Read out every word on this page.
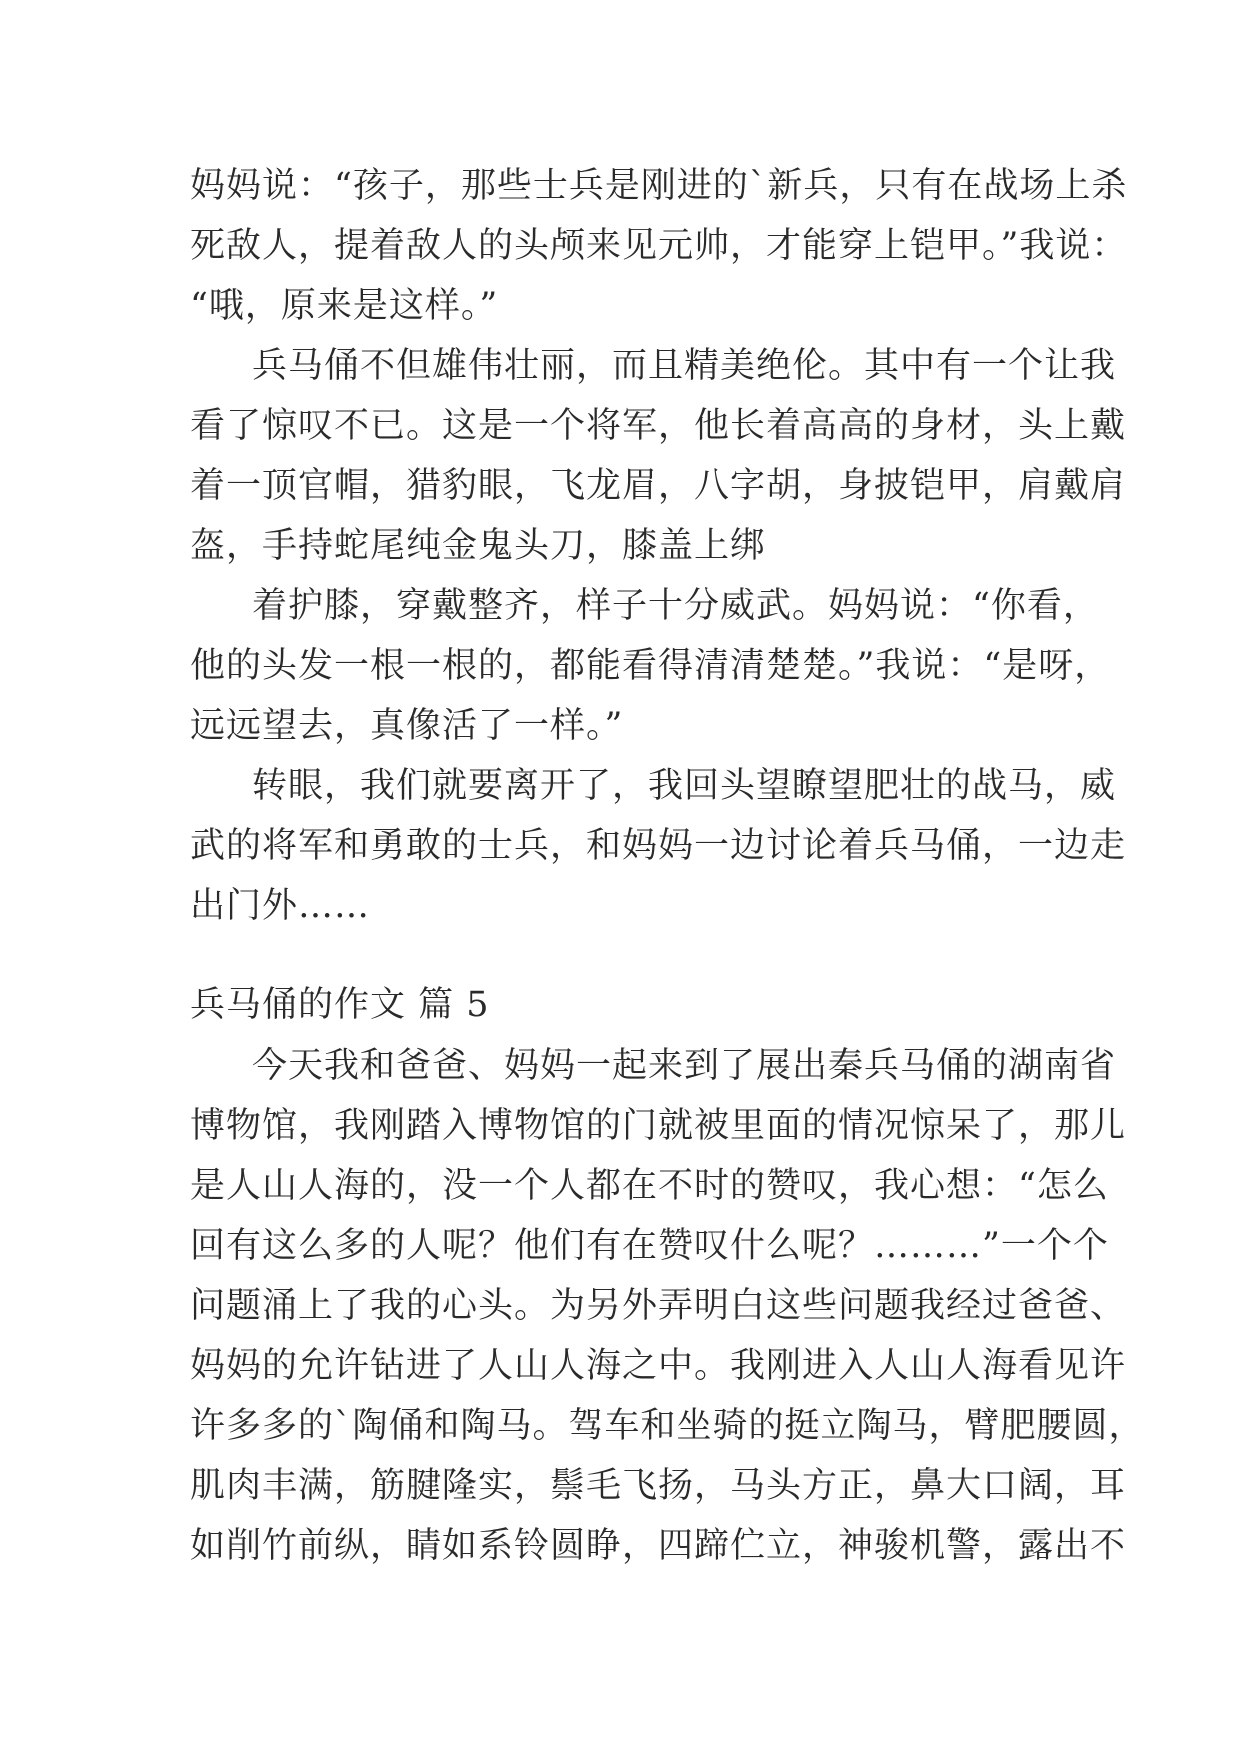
妈妈说：“孩子，那些士兵是刚进的`新兵，只有在战场上杀
死敌人，提着敌人的头颅来见元帅，才能穿上铠甲。”我说：
“哦，原来是这样。”
兵马俑不但雄伟壮丽，而且精美绝伦。其中有一个让我
看了惊叹不已。这是一个将军，他长着高高的身材，头上戴
着一顶官帽，猎豹眼，飞龙眉，八字胡，身披铠甲，肩戴肩
盔，手持蛇尾纯金鬼头刀，膝盖上绑
着护膝，穿戴整齐，样子十分威武。妈妈说：“你看，
他的头发一根一根的，都能看得清清楚楚。”我说：“是呀，
远远望去，真像活了一样。”
转眼，我们就要离开了，我回头望瞭望肥壮的战马，威
武的将军和勇敢的士兵，和妈妈一边讨论着兵马俑，一边走
出门外……
兵马俑的作文 篇 5
今天我和爸爸、妈妈一起来到了展出秦兵马俑的湖南省
博物馆，我刚踏入博物馆的门就被里面的情况惊呆了，那儿
是人山人海的，没一个人都在不时的赞叹，我心想：“怎么
回有这么多的人呢？他们有在赞叹什么呢？………”一个个
问题涌上了我的心头。为另外弄明白这些问题我经过爸爸、
妈妈的允许钻进了人山人海之中。我刚进入人山人海看见许
许多多的`陶俑和陶马。驾车和坐骑的挺立陶马，臂肥腰圆，
肌肉丰满，筋腱隆实，鬃毛飞扬，马头方正，鼻大口阔，耳
如削竹前纵，睛如系铃圆睁，四蹄伫立，神骏机警，露出不
